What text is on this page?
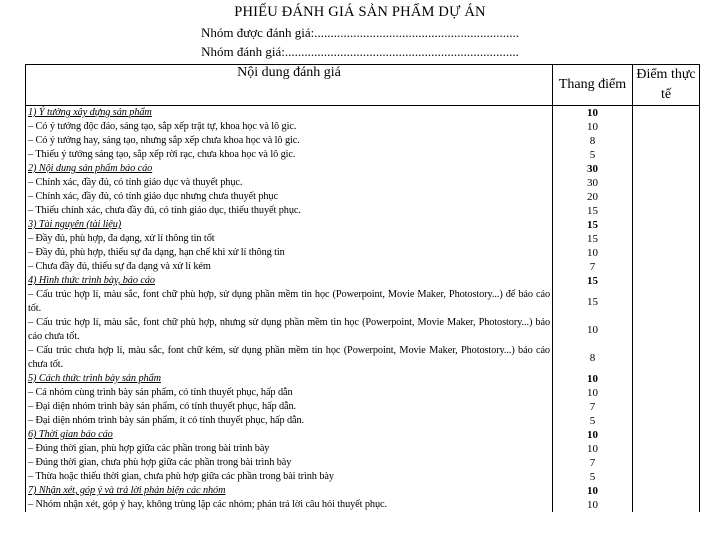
PHIẾU ĐÁNH GIÁ SẢN PHẨM DỰ ÁN
Nhóm được đánh giá:...............................................................
Nhóm đánh giá:........................................................................
Nội dung đánh giá	Thang điểm	Điểm thực tế
1) Ý tưởng xây dựng sản phẩm	10	
– Có ý tưởng độc đáo, sáng tạo, sắp xếp trật tự, khoa học và lô gic.	10	
– Có ý tưởng hay, sáng tạo, nhưng sắp xếp chưa khoa học và lô gic.	8	
– Thiếu ý tưởng sáng tạo, sắp xếp rời rạc, chưa khoa học và lô gic.	5	
2) Nội dung sản phẩm báo cáo	30	
– Chính xác, đầy đủ, có tính giáo dục và thuyết phục.	30	
– Chính xác, đầy đủ, có tính giáo dục nhưng chưa thuyết phục	20	
– Thiếu chính xác, chưa đầy đủ, có tính giáo dục, thiếu thuyết phục.	15	
3) Tài nguyên (tài liệu)	15	
– Đầy đủ, phù hợp, đa dạng, xử lí thông tin tốt	15	
– Đầy đủ, phù hợp, thiếu sự đa dạng, hạn chế khi xử lí thông tin	10	
– Chưa đầy đủ, thiếu sự đa dạng và xử lí kém	7	
4) Hình thức trình bày, báo cáo	15	
– Cấu trúc hợp lí, màu sắc, font chữ phù hợp, sử dụng phần mềm tin học (Powerpoint, Movie Maker, Photostory...) để báo cáo tốt.	15	
– Cấu trúc hợp lí, màu sắc, font chữ phù hợp, nhưng sử dụng phần mềm tin học (Powerpoint, Movie Maker, Photostory...) báo cáo chưa tốt.	10	
– Cấu trúc chưa hợp lí, màu sắc, font chữ kém, sử dụng phần mềm tin học (Powerpoint, Movie Maker, Photostory...) báo cáo chưa tốt.	8	
5) Cách thức trình bày sản phẩm	10	
– Cả nhóm cùng trình bày sản phẩm, có tính thuyết phục, hấp dẫn	10	
– Đại diện nhóm trình bày sản phẩm, có tính thuyết phục, hấp dẫn.	7	
– Đại diện nhóm trình bày sản phẩm, ít có tính thuyết phục, hấp dẫn.	5	
6) Thời gian báo cáo	10	
– Đúng thời gian, phù hợp giữa các phần trong bài trình bày	10	
– Đúng thời gian, chưa phù hợp giữa các phần trong bài trình bày	7	
– Thừa hoặc thiếu thời gian, chưa phù hợp giữa các phần trong bài trình bày	5	
7) Nhận xét, góp ý và trả lời phản biện các nhóm	10	
– Nhóm nhận xét, góp ý hay, không trùng lặp các nhóm; phản trả lời câu hỏi thuyết phục.	10	
